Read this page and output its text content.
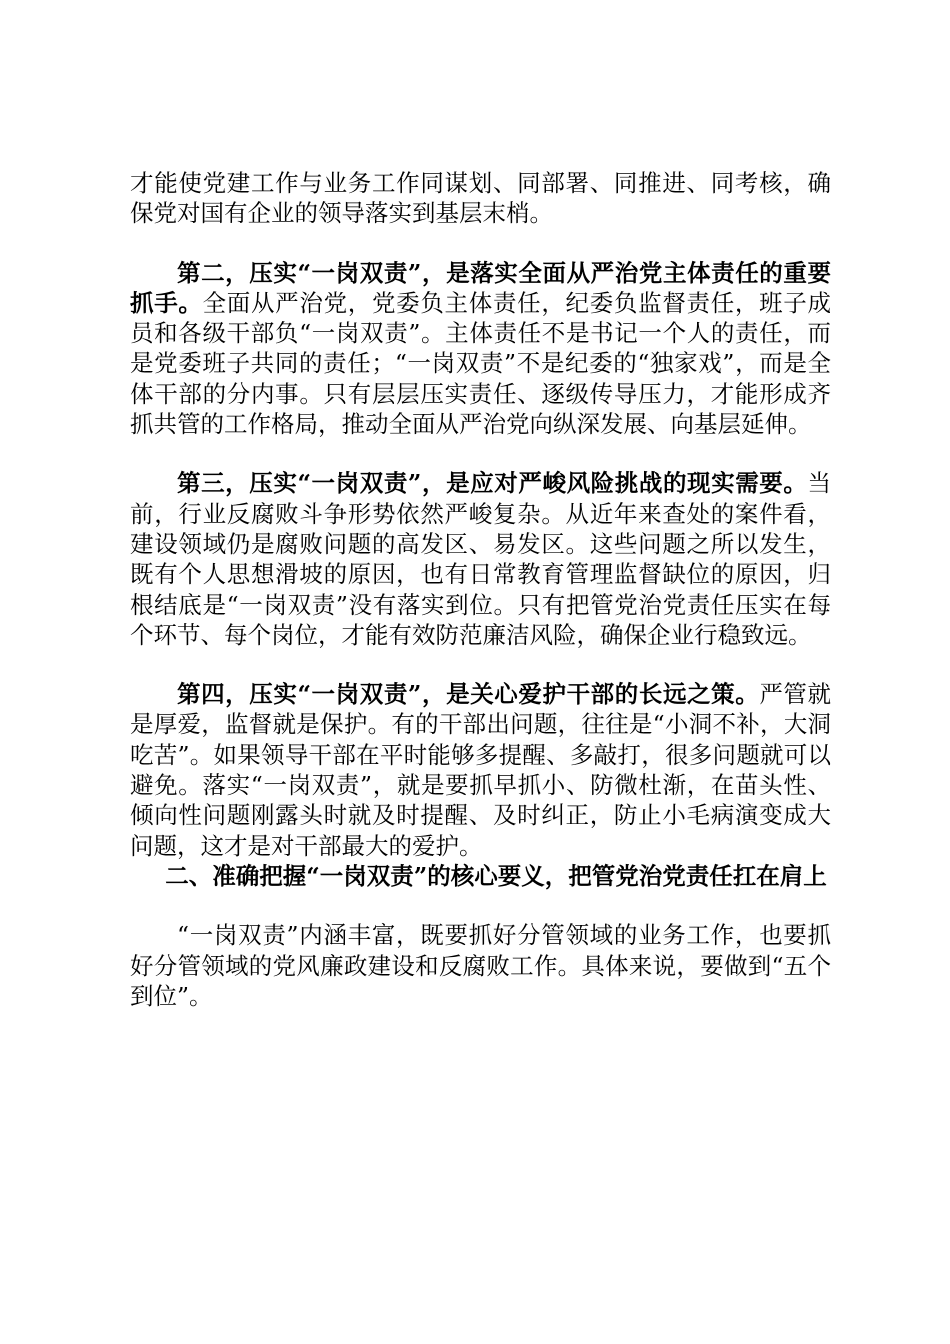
才能使党建工作与业务工作同谋划、同部署、同推进、同考核，确保党对国有企业的领导落实到基层末梢。

第二，压实“一岗双责”，是落实全面从严治党主体责任的重要抓手。全面从严治党，党委负主体责任，纪委负监督责任，班子成员和各级干部负“一岗双责”。主体责任不是书记一个人的责任，而是党委班子共同的责任；“一岗双责”不是纪委的“独家戏”，而是全体干部的分内事。只有层层压实责任、逐级传导压力，才能形成齐抓共管的工作格局，推动全面从严治党向纵深发展、向基层延伸。

第三，压实“一岗双责”，是应对严峻风险挑战的现实需要。当前，行业反腐败斗争形势依然严峻复杂。从近年来查处的案件看，建设领域仍是腐败问题的高发区、易发区。这些问题之所以发生，既有个人思想滑坡的原因，也有日常教育管理监督缺位的原因，归根结底是“一岗双责”没有落实到位。只有把管党治党责任压实在每个环节、每个岗位，才能有效防范廉洁风险，确保企业行稳致远。

第四，压实“一岗双责”，是关心爱护干部的长远之策。严管就是厚爱，监督就是保护。有的干部出问题，往往是“小洞不补，大洞吃苦”。如果领导干部在平时能够多提醒、多敲打，很多问题就可以避免。落实“一岗双责”，就是要抓早抓小、防微杜渐，在苗头性、倾向性问题刚露头时就及时提醒、及时纠正，防止小毛病演变成大问题，这才是对干部最大的爱护。

二、准确把握“一岗双责”的核心要义，把管党治党责任扛在肩上

“一岗双责”内涵丰富，既要抓好分管领域的业务工作，也要抓好分管领域的党风廉政建设和反腐败工作。具体来说，要做到“五个到位”。
